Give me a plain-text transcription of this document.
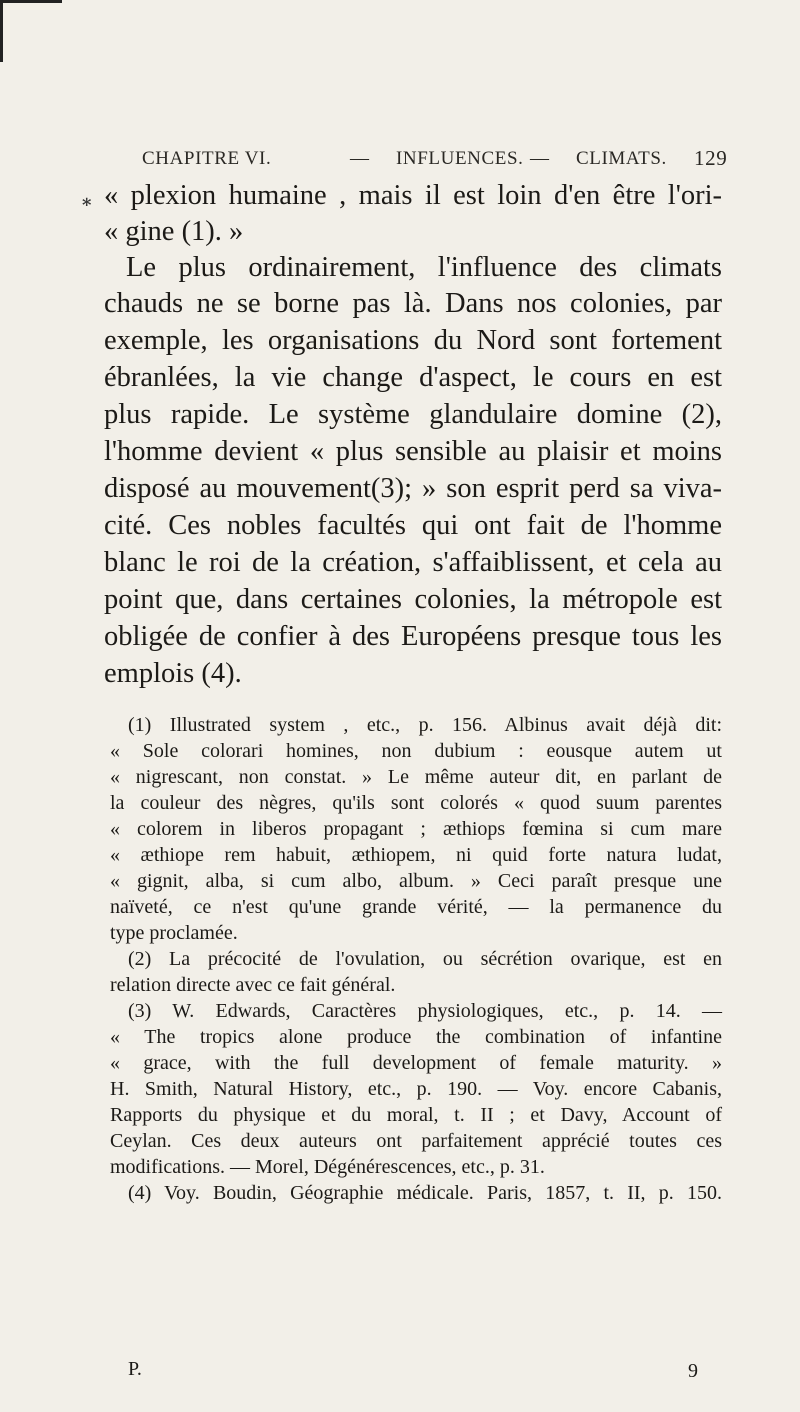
CHAPITRE VI.	— INFLUENCES. — CLIMATS. 129
⁎ « plexion humaine , mais il est loin d'en être l'ori-
« gine (1). »
Le plus ordinairement, l'influence des climats
chauds ne se borne pas là. Dans nos colonies, par
exemple, les organisations du Nord sont fortement
ébranlées, la vie change d'aspect, le cours en est
plus rapide. Le système glandulaire domine (2),
l'homme devient « plus sensible au plaisir et moins
disposé au mouvement(3); » son esprit perd sa viva-
cité. Ces nobles facultés qui ont fait de l'homme
blanc le roi de la création, s'affaiblissent, et cela au
point que, dans certaines colonies, la métropole est
obligée de confier à des Européens presque tous les
emplois (4).
(1) Illustrated system , etc., p. 156. Albinus avait déjà dit:
« Sole colorari homines, non dubium : eousque autem ut
« nigrescant, non constat. » Le même auteur dit, en parlant de
la couleur des nègres, qu'ils sont colorés « quod suum parentes
« colorem in liberos propagant ; æthiops fœmina si cum mare
« æthiope rem habuit, æthiopem, ni quid forte natura ludat,
« gignit, alba, si cum albo, album. » Ceci paraît presque une
naïveté, ce n'est qu'une grande vérité, — la permanence du
type proclamée.
(2) La précocité de l'ovulation, ou sécrétion ovarique, est en
relation directe avec ce fait général.
(3) W. Edwards, Caractères physiologiques, etc., p. 14. —
« The tropics alone produce the combination of infantine
« grace, with the full development of female maturity. »
H. Smith, Natural History, etc., p. 190. — Voy. encore Cabanis,
Rapports du physique et du moral, t. II ; et Davy, Account of
Ceylan. Ces deux auteurs ont parfaitement apprécié toutes ces
modifications. — Morel, Dégénérescences, etc., p. 31.
(4) Voy. Boudin, Géographie médicale. Paris, 1857, t. II, p. 150.
P.	9
